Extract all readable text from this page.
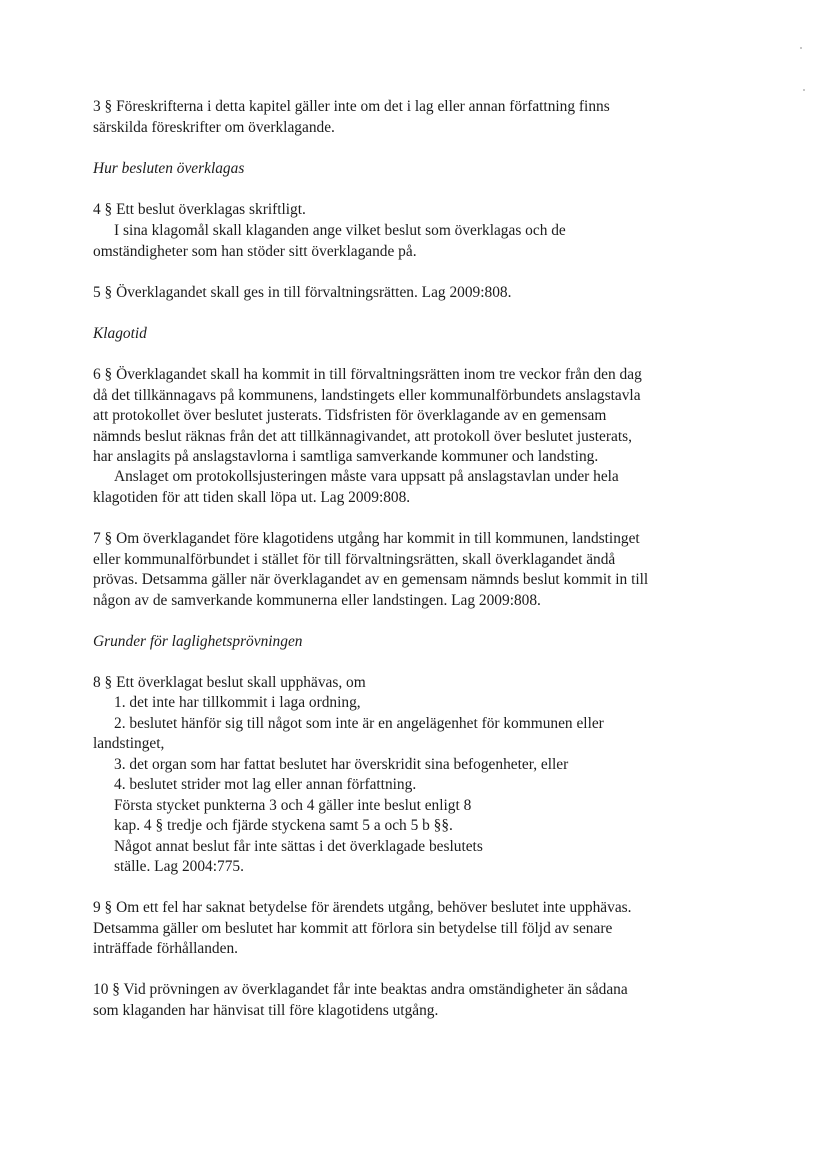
3 § Föreskrifterna i detta kapitel gäller inte om det i lag eller annan författning finns

särskilda föreskrifter om överklagande.

Hur besluten överklagas

4 § Ett beslut överklagas skriftligt.

I sina klagomål skall klaganden ange vilket beslut som överklagas och de

omständigheter som han stöder sitt överklagande på.

5 § Överklagandet skall ges in till förvaltningsrätten. Lag 2009:808.

Klagotid

6 § Överklagandet skall ha kommit in till förvaltningsrätten inom tre veckor från den dag

då det tillkännagavs på kommunens, landstingets eller kommunalförbundets anslagstavla

att protokollet över beslutet justerats. Tidsfristen för överklagande av en gemensam

nämnds beslut räknas från det att tillkännagivandet, att protokoll över beslutet justerats,

har anslagits på anslagstavlorna i samtliga samverkande kommuner och landsting.

Anslaget om protokollsjusteringen måste vara uppsatt på anslagstavlan under hela

klagotiden för att tiden skall löpa ut. Lag 2009:808.

7 § Om överklagandet före klagotidens utgång har kommit in till kommunen, landstinget

eller kommunalförbundet i stället för till förvaltningsrätten, skall överklagandet ändå

prövas. Detsamma gäller när överklagandet av en gemensam nämnds beslut kommit in till

någon av de samverkande kommunerna eller landstingen. Lag 2009:808.

Grunder för laglighetsprövningen

8 § Ett överklagat beslut skall upphävas, om

1. det inte har tillkommit i laga ordning,

2. beslutet hänför sig till något som inte är en angelägenhet för kommunen eller

landstinget,

3. det organ som har fattat beslutet har överskridit sina befogenheter, eller

4. beslutet strider mot lag eller annan författning.

Första stycket punkterna 3 och 4 gäller inte beslut enligt 8

kap. 4 § tredje och fjärde styckena samt 5 a och 5 b §§.

Något annat beslut får inte sättas i det överklagade beslutets

ställe. Lag 2004:775.

9 § Om ett fel har saknat betydelse för ärendets utgång, behöver beslutet inte upphävas.

Detsamma gäller om beslutet har kommit att förlora sin betydelse till följd av senare

inträffade förhållanden.

10 § Vid prövningen av överklagandet får inte beaktas andra omständigheter än sådana

som klaganden har hänvisat till före klagotidens utgång.
